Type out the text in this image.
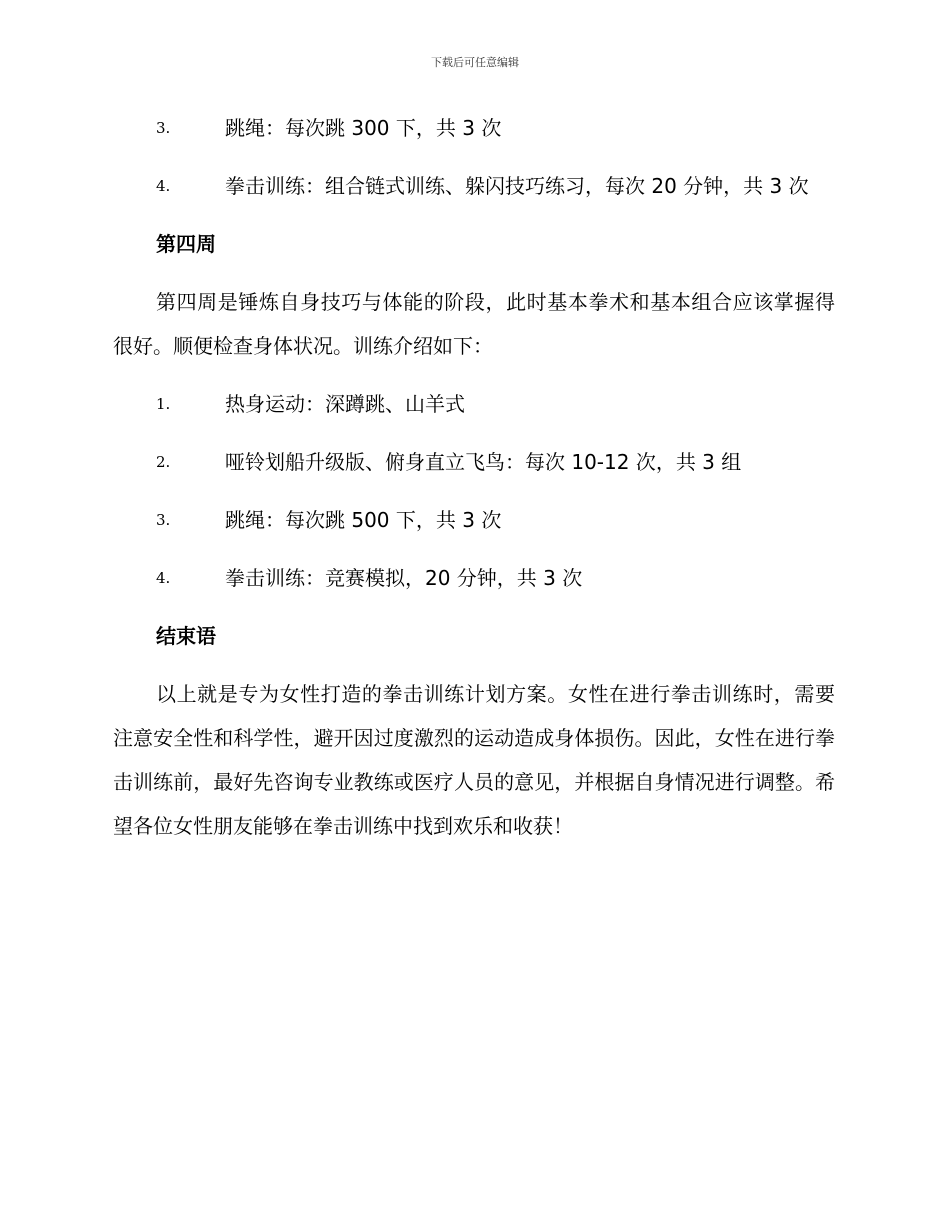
下载后可任意编辑
3.	跳绳：每次跳 300 下，共 3 次
4.	拳击训练：组合链式训练、躲闪技巧练习，每次 20 分钟，共 3 次
第四周
第四周是锤炼自身技巧与体能的阶段，此时基本拳术和基本组合应该掌握得很好。顺便检查身体状况。训练介绍如下：
1.	热身运动：深蹲跳、山羊式
2.	哑铃划船升级版、俯身直立飞鸟：每次 10-12 次，共 3 组
3.	跳绳：每次跳 500 下，共 3 次
4.	拳击训练：竞赛模拟，20 分钟，共 3 次
结束语
以上就是专为女性打造的拳击训练计划方案。女性在进行拳击训练时，需要注意安全性和科学性，避开因过度激烈的运动造成身体损伤。因此，女性在进行拳击训练前，最好先咨询专业教练或医疗人员的意见，并根据自身情况进行调整。希望各位女性朋友能够在拳击训练中找到欢乐和收获！
